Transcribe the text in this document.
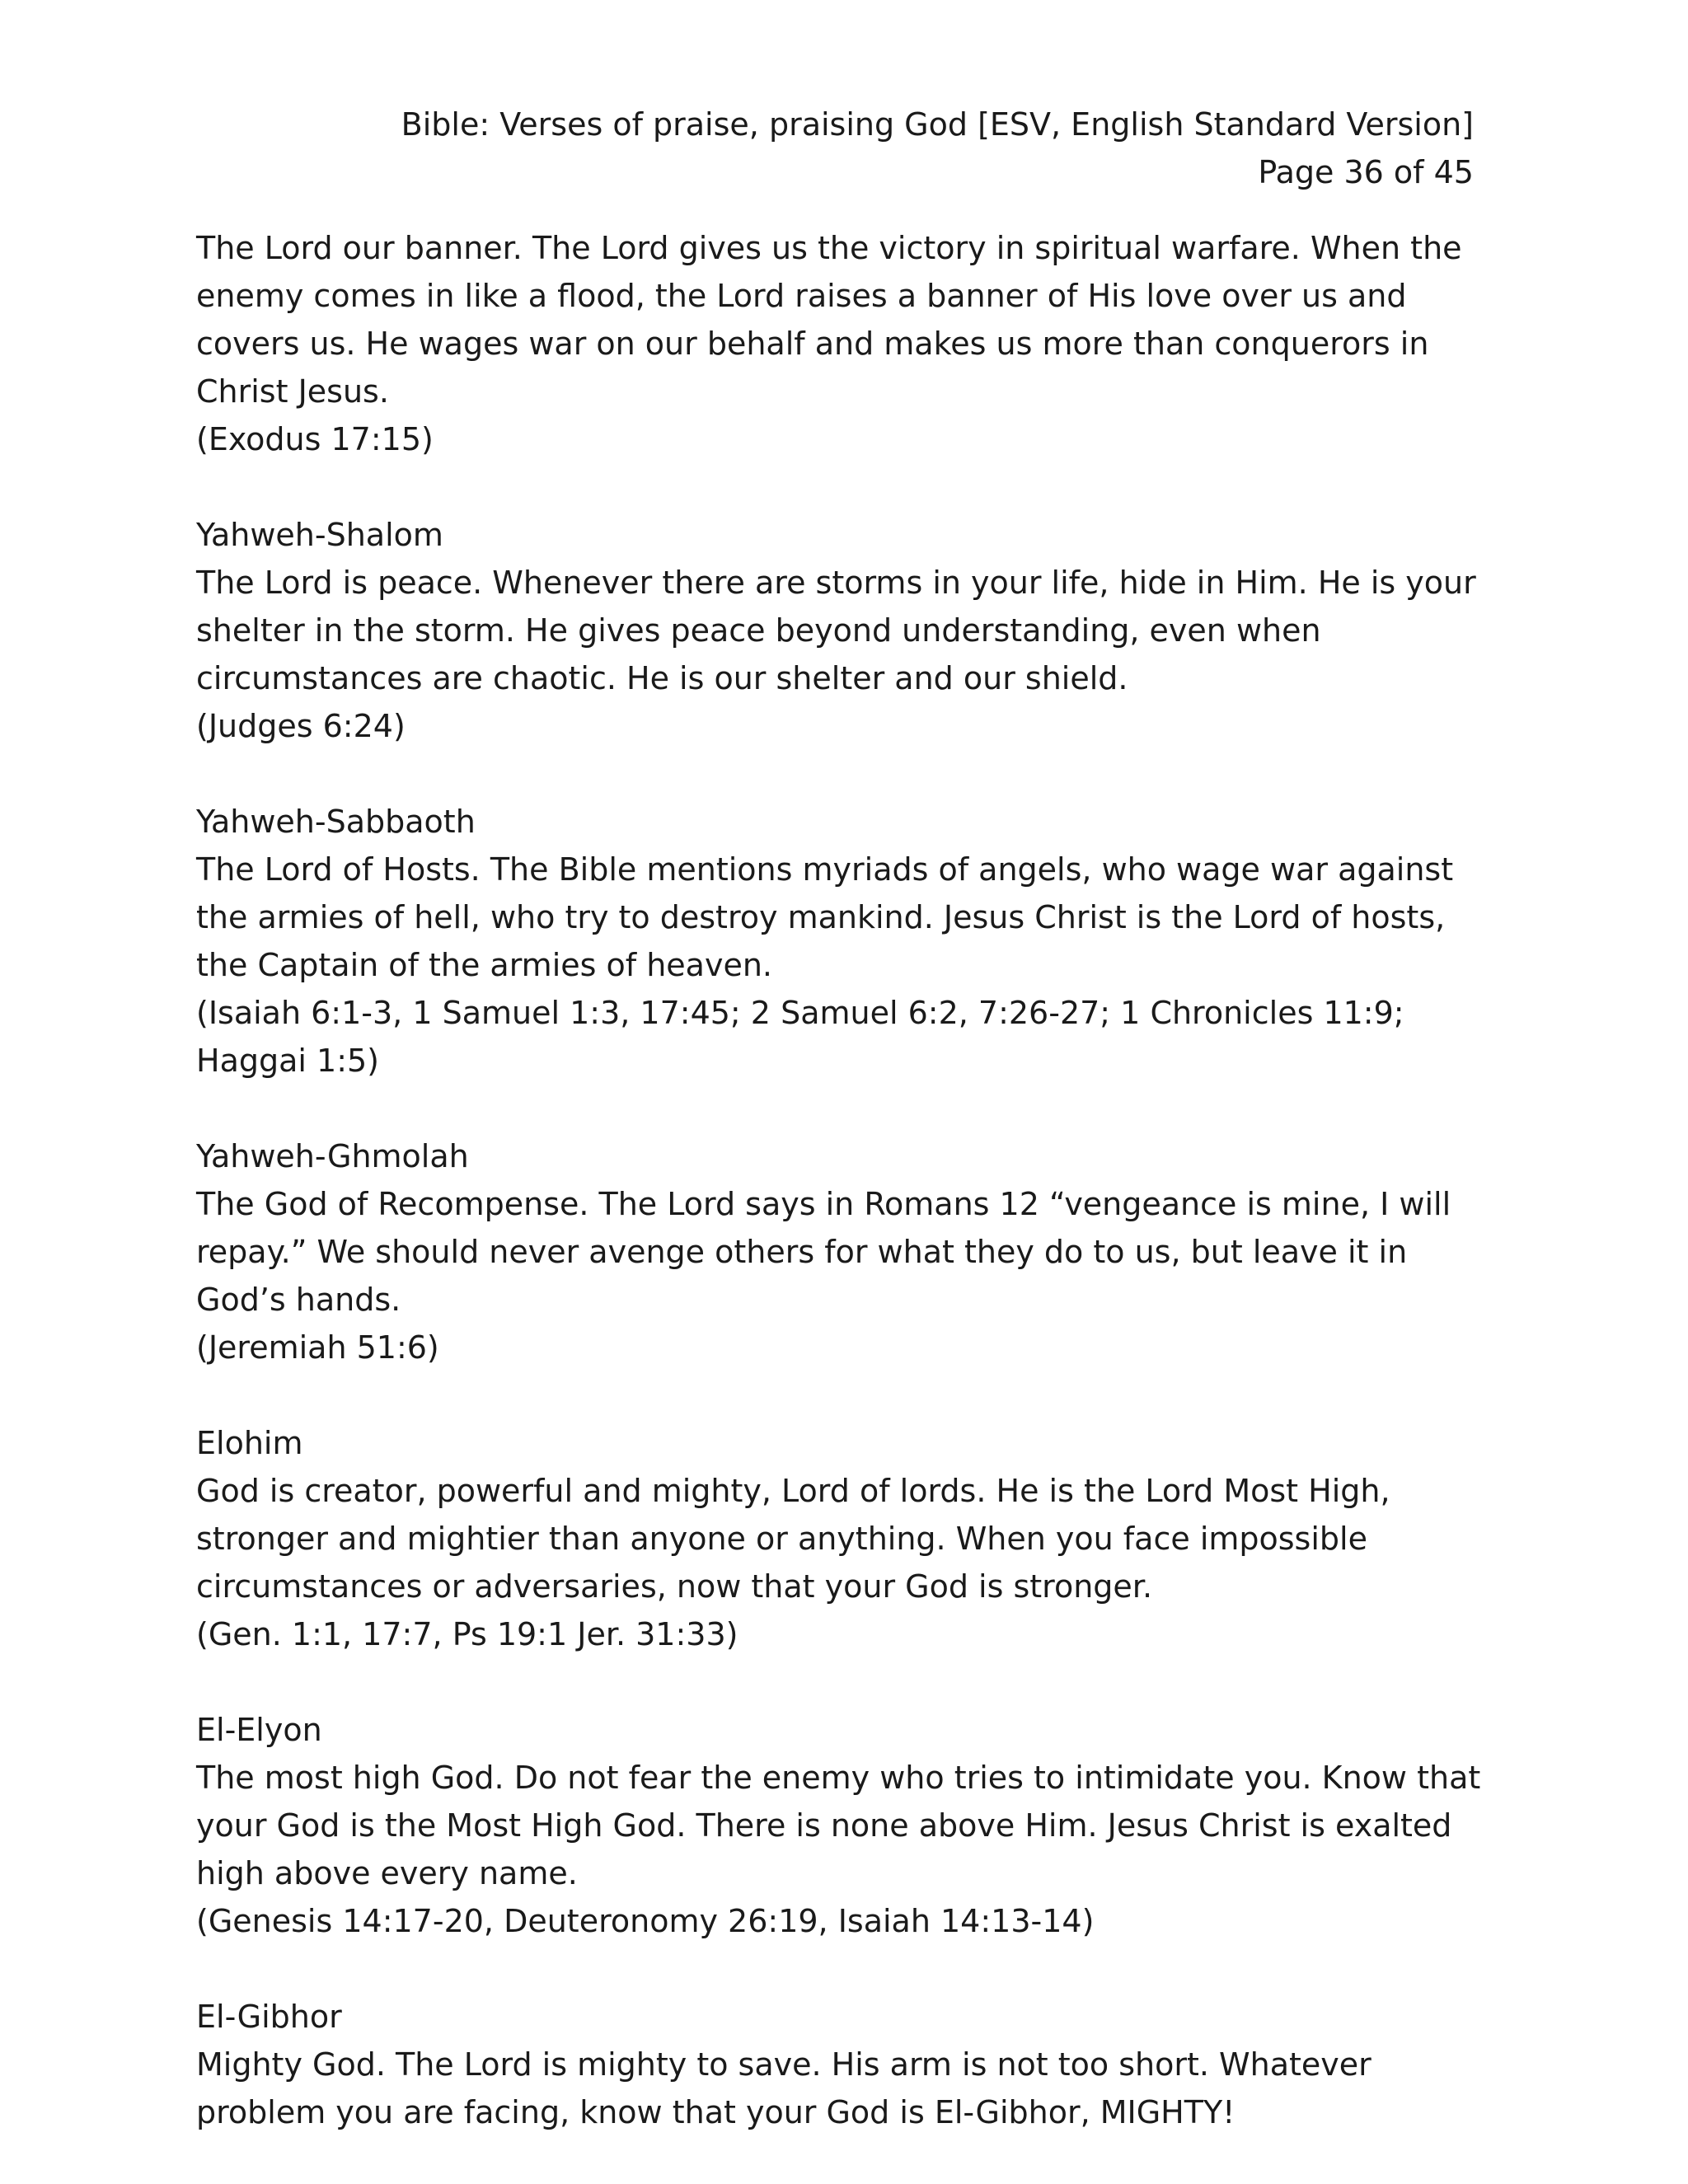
Bible: Verses of praise, praising God [ESV, English Standard Version]
Page 36 of 45

The Lord our banner. The Lord gives us the victory in spiritual warfare. When the enemy comes in like a flood, the Lord raises a banner of His love over us and covers us. He wages war on our behalf and makes us more than conquerors in Christ Jesus.

(Exodus 17:15)

Yahweh-Shalom

The Lord is peace. Whenever there are storms in your life, hide in Him. He is your shelter in the storm. He gives peace beyond understanding, even when circumstances are chaotic. He is our shelter and our shield.

(Judges 6:24)

Yahweh-Sabbaoth

The Lord of Hosts. The Bible mentions myriads of angels, who wage war against the armies of hell, who try to destroy mankind. Jesus Christ is the Lord of hosts, the Captain of the armies of heaven.

(Isaiah 6:1-3, 1 Samuel 1:3, 17:45; 2 Samuel 6:2, 7:26-27; 1 Chronicles 11:9; Haggai 1:5)

Yahweh-Ghmolah

The God of Recompense. The Lord says in Romans 12 “vengeance is mine, I will repay.” We should never avenge others for what they do to us, but leave it in God’s hands.

(Jeremiah 51:6)

Elohim

God is creator, powerful and mighty, Lord of lords. He is the Lord Most High, stronger and mightier than anyone or anything. When you face impossible circumstances or adversaries, now that your God is stronger.

(Gen. 1:1, 17:7, Ps 19:1 Jer. 31:33)

El-Elyon

The most high God. Do not fear the enemy who tries to intimidate you. Know that your God is the Most High God. There is none above Him. Jesus Christ is exalted high above every name.

(Genesis 14:17-20, Deuteronomy 26:19, Isaiah 14:13-14)

El-Gibhor

Mighty God. The Lord is mighty to save. His arm is not too short. Whatever problem you are facing, know that your God is El-Gibhor, MIGHTY!
